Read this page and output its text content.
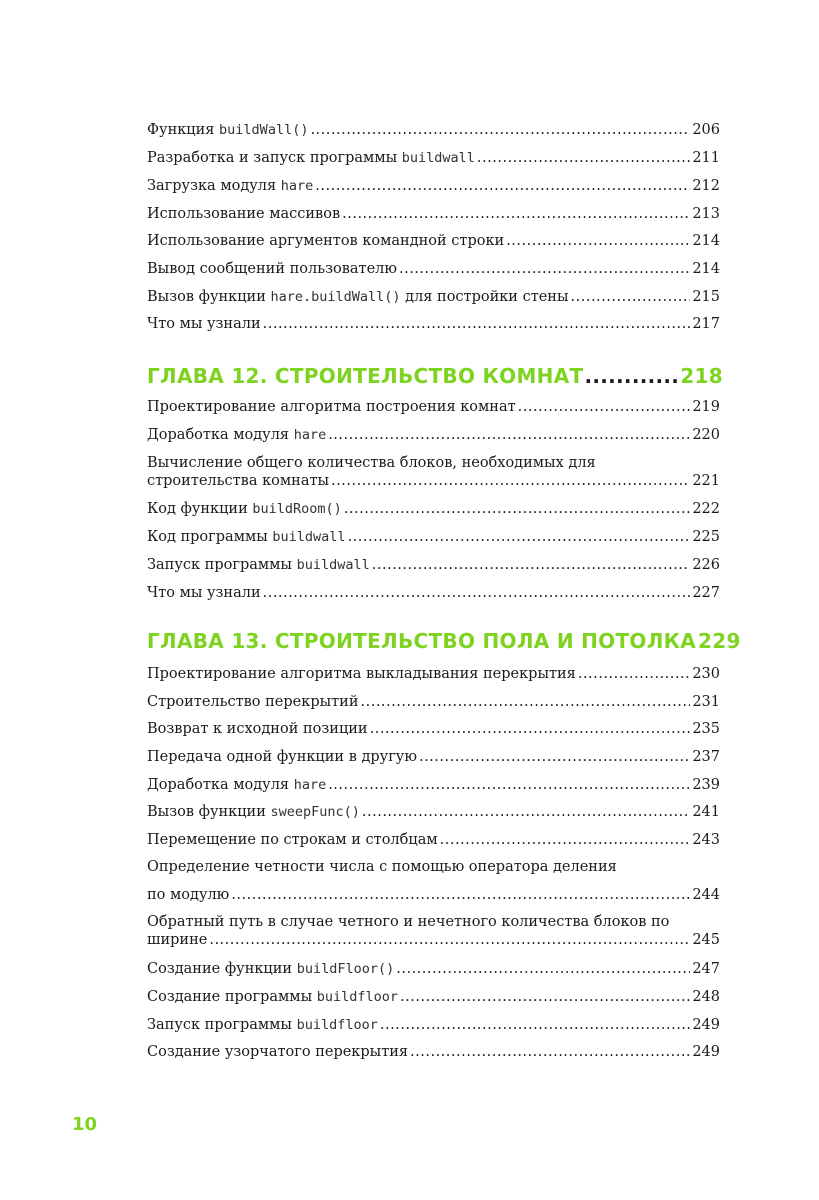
Функция buildWall() .....	206
Разработка и запуск программы buildwall .....	211
Загрузка модуля hare .....	212
Использование массивов .....	213
Использование аргументов командной строки .....	214
Вывод сообщений пользователю .....	214
Вызов функции hare.buildWall() для постройки стены .....	215
Что мы узнали .....	217
ГЛАВА 12. СТРОИТЕЛЬСТВО КОМНАТ .....	218
Проектирование алгоритма построения комнат .....	219
Доработка модуля hare .....	220
Вычисление общего количества блоков, необходимых для
строительства комнаты .....	221
Код функции buildRoom() .....	222
Код программы buildwall .....	225
Запуск программы buildwall .....	226
Что мы узнали .....	227
ГЛАВА 13. СТРОИТЕЛЬСТВО ПОЛА И ПОТОЛКА 229
Проектирование алгоритма выкладывания перекрытия .....	230
Строительство перекрытий .....	231
Возврат к исходной позиции .....	235
Передача одной функции в другую .....	237
Доработка модуля hare .....	239
Вызов функции sweepFunc() .....	241
Перемещение по строкам и столбцам .....	243
Определение четности числа с помощью оператора деления
по модулю .....	244
Обратный путь в случае четного и нечетного количества блоков по
ширине .....	245
Создание функции buildFloor() .....	247
Создание программы buildfloor .....	248
Запуск программы buildfloor .....	249
Создание узорчатого перекрытия .....	249
10
